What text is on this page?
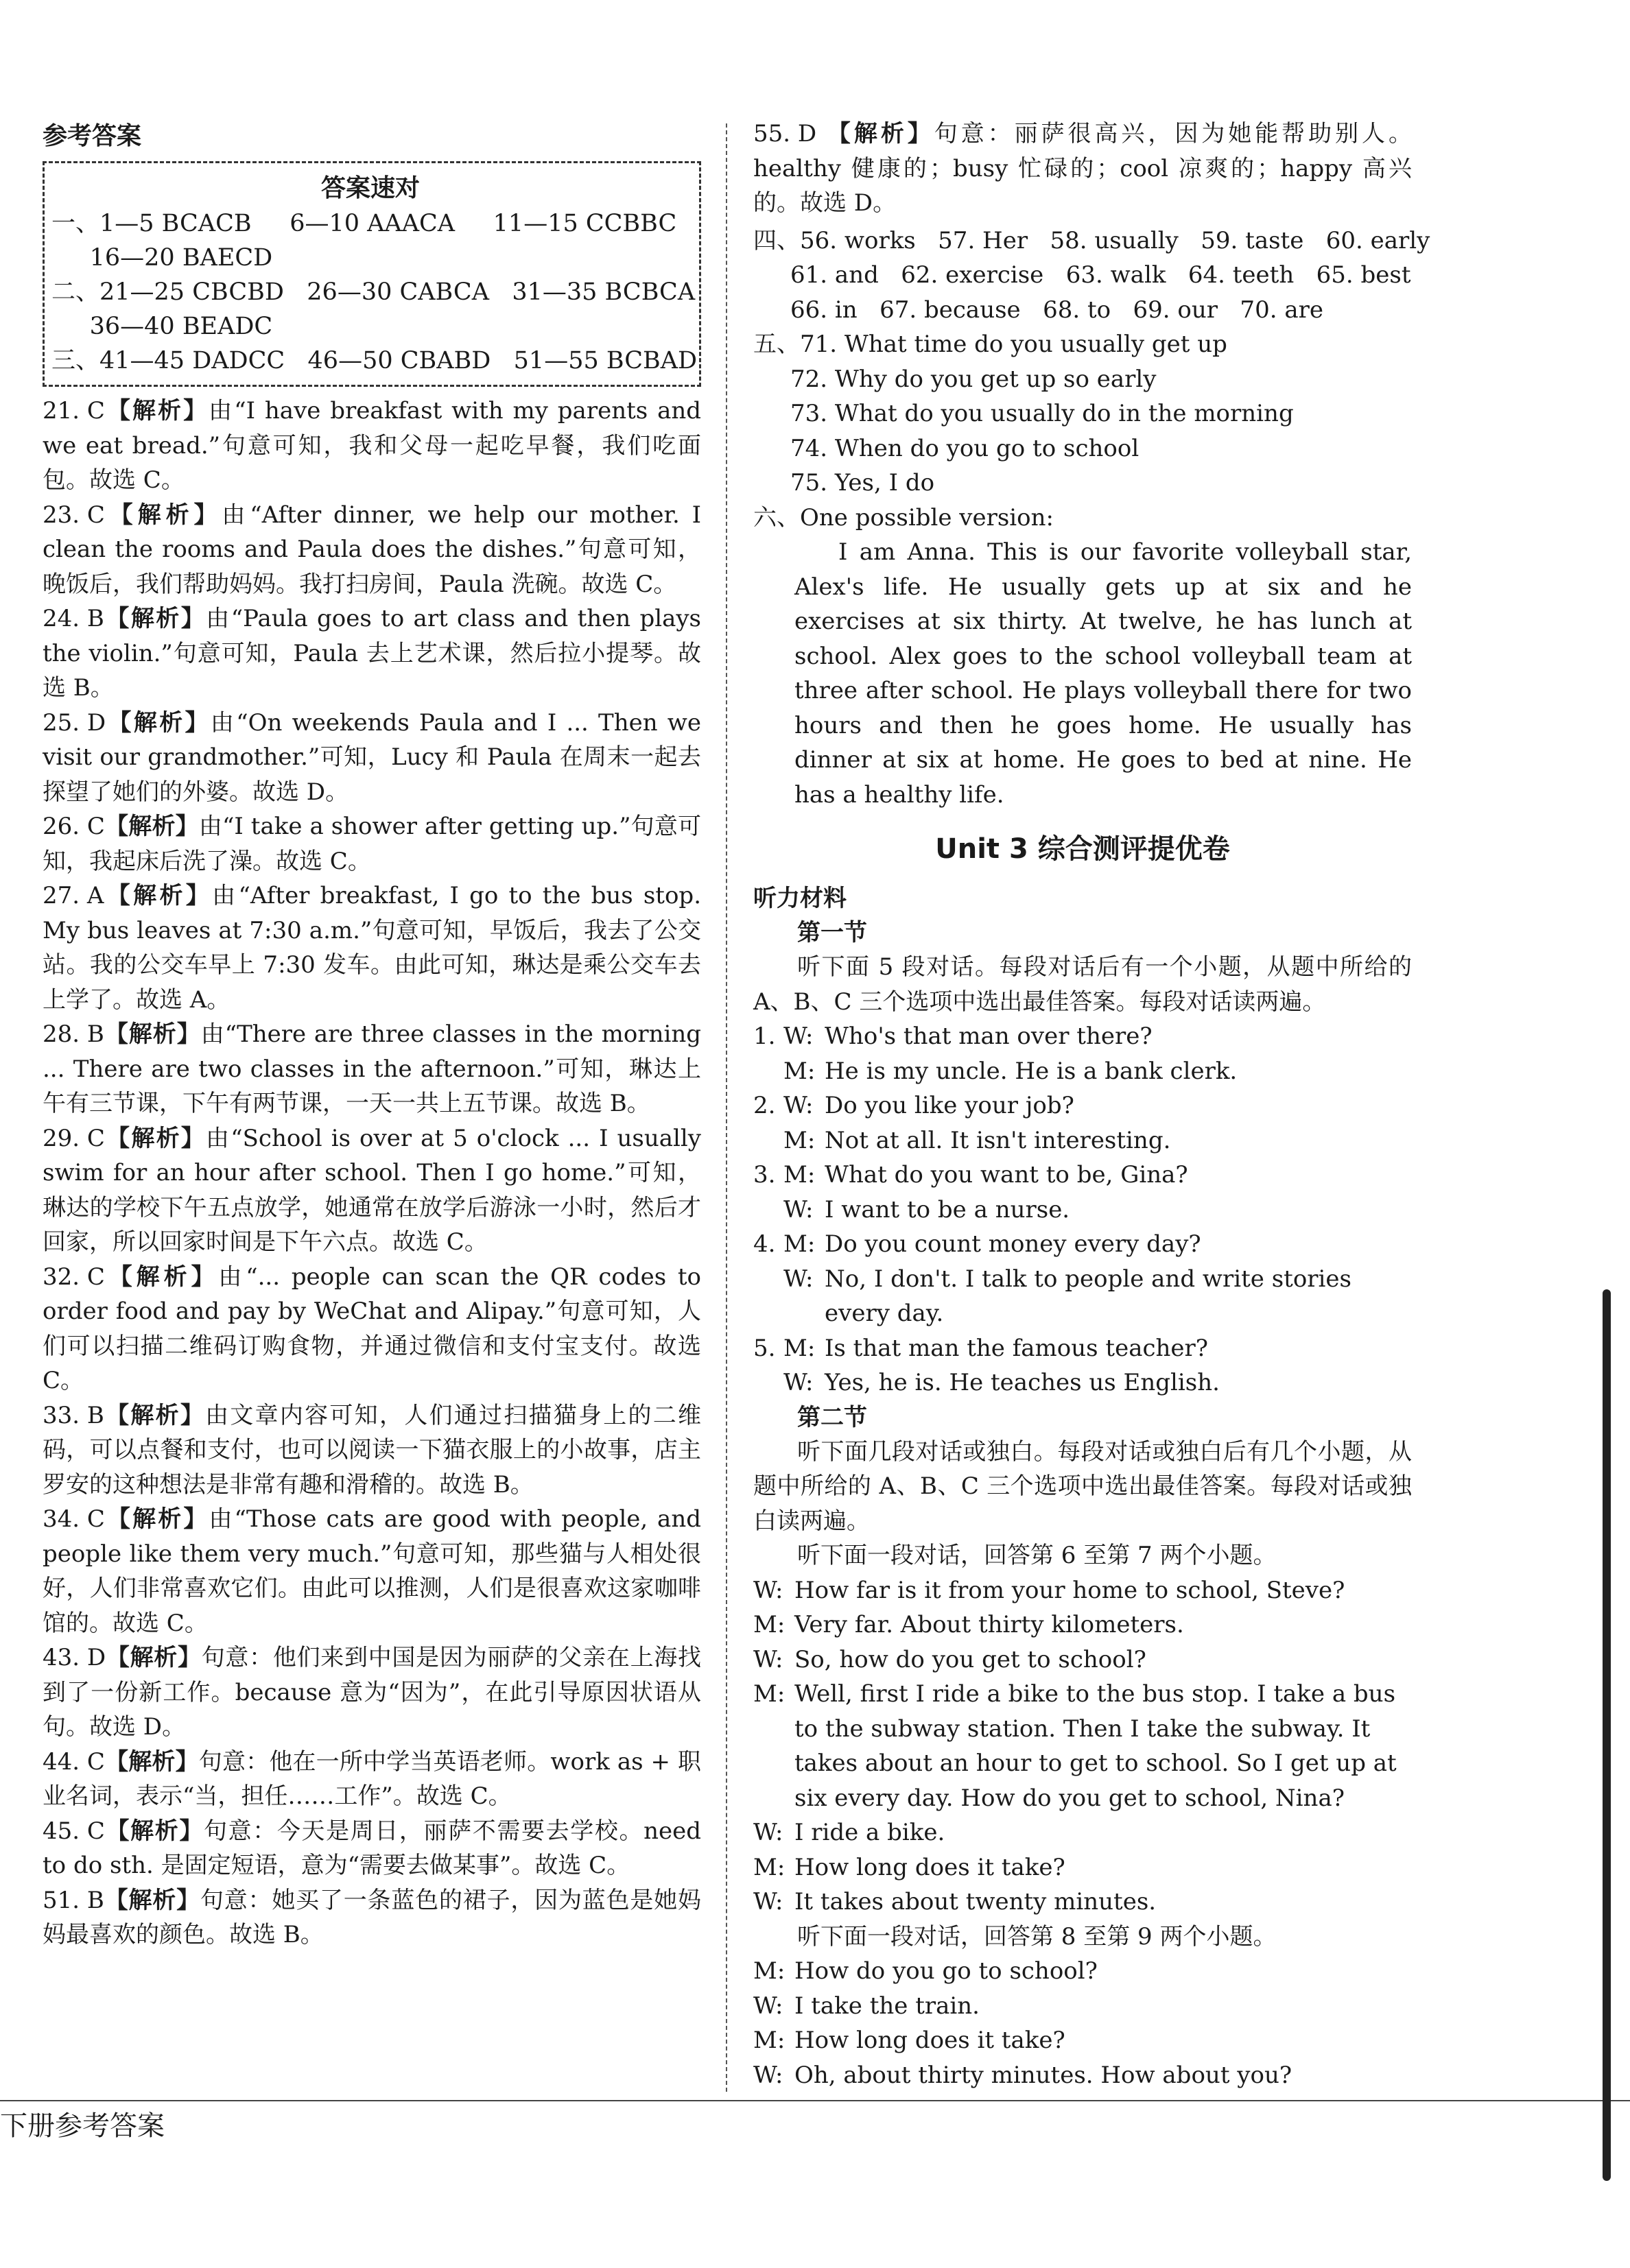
参考答案
答案速对
一、1—5 BCACB     6—10 AAACA     11—15 CCBBC
16—20 BAECD
二、21—25 CBCBD   26—30 CABCA   31—35 BCBCA
36—40 BEADC
三、41—45 DADCC   46—50 CBABD   51—55 BCBAD

21. C【解析】由“I have breakfast with my parents and we eat bread.”句意可知，我和父母一起吃早餐，我们吃面包。故选 C。

23. C【解析】由“After dinner, we help our mother. I clean the rooms and Paula does the dishes.”句意可知，晚饭后，我们帮助妈妈。我打扫房间，Paula 洗碗。故选 C。

24. B【解析】由“Paula goes to art class and then plays the violin.”句意可知，Paula 去上艺术课，然后拉小提琴。故选 B。

25. D【解析】由“On weekends Paula and I ... Then we visit our grandmother.”可知，Lucy 和 Paula 在周末一起去探望了她们的外婆。故选 D。

26. C【解析】由“I take a shower after getting up.”句意可知，我起床后洗了澡。故选 C。

27. A【解析】由“After breakfast, I go to the bus stop. My bus leaves at 7:30 a.m.”句意可知，早饭后，我去了公交站。我的公交车早上 7:30 发车。由此可知，琳达是乘公交车去上学了。故选 A。

28. B【解析】由“There are three classes in the morning ... There are two classes in the afternoon.”可知，琳达上午有三节课，下午有两节课，一天一共上五节课。故选 B。

29. C【解析】由“School is over at 5 o'clock ... I usually swim for an hour after school. Then I go home.”可知，琳达的学校下午五点放学，她通常在放学后游泳一小时，然后才回家，所以回家时间是下午六点。故选 C。

32. C【解析】由“... people can scan the QR codes to order food and pay by WeChat and Alipay.”句意可知，人们可以扫描二维码订购食物，并通过微信和支付宝支付。故选 C。

33. B【解析】由文章内容可知，人们通过扫描猫身上的二维码，可以点餐和支付，也可以阅读一下猫衣服上的小故事，店主罗安的这种想法是非常有趣和滑稽的。故选 B。

34. C【解析】由“Those cats are good with people, and people like them very much.”句意可知，那些猫与人相处很好，人们非常喜欢它们。由此可以推测，人们是很喜欢这家咖啡馆的。故选 C。

43. D【解析】句意：他们来到中国是因为丽萨的父亲在上海找到了一份新工作。because 意为“因为”，在此引导原因状语从句。故选 D。

44. C【解析】句意：他在一所中学当英语老师。work as + 职业名词，表示“当，担任……工作”。故选 C。

45. C【解析】句意：今天是周日，丽萨不需要去学校。need to do sth. 是固定短语，意为“需要去做某事”。故选 C。

51. B【解析】句意：她买了一条蓝色的裙子，因为蓝色是她妈妈最喜欢的颜色。故选 B。

55. D 【解析】句意：丽萨很高兴，因为她能帮助别人。healthy 健康的；busy 忙碌的；cool 凉爽的；happy 高兴的。故选 D。

四、56. works   57. Her   58. usually   59. taste   60. early
61. and   62. exercise   63. walk   64. teeth   65. best
66. in   67. because   68. to   69. our   70. are
五、71. What time do you usually get up
72. Why do you get up so early
73. What do you usually do in the morning
74. When do you go to school
75. Yes, I do

六、One possible version:

I am Anna. This is our favorite volleyball star, Alex's life. He usually gets up at six and he exercises at six thirty. At twelve, he has lunch at school. Alex goes to the school volleyball team at three after school. He plays volleyball there for two hours and then he goes home. He usually has dinner at six at home. He goes to bed at nine. He has a healthy life.

Unit 3 综合测评提优卷
听力材料
第一节

听下面 5 段对话。每段对话后有一个小题，从题中所给的 A、B、C 三个选项中选出最佳答案。每段对话读两遍。

1. W: Who's that man over there?
M: He is my uncle. He is a bank clerk.
2. W: Do you like your job?
M: Not at all. It isn't interesting.
3. M: What do you want to be, Gina?
W: I want to be a nurse.
4. M: Do you count money every day?
W: No, I don't. I talk to people and write stories every day.
5. M: Is that man the famous teacher?
W: Yes, he is. He teaches us English.
第二节

听下面几段对话或独白。每段对话或独白后有几个小题，从题中所给的 A、B、C 三个选项中选出最佳答案。每段对话或独白读两遍。

听下面一段对话，回答第 6 至第 7 两个小题。

W: How far is it from your home to school, Steve?
M: Very far. About thirty kilometers.
W: So, how do you get to school?
M: Well, first I ride a bike to the bus stop. I take a bus to the subway station. Then I take the subway. It takes about an hour to get to school. So I get up at six every day. How do you get to school, Nina?
W: I ride a bike.
M: How long does it take?
W: It takes about twenty minutes.

听下面一段对话，回答第 8 至第 9 两个小题。

M: How do you go to school?
W: I take the train.
M: How long does it take?
W: Oh, about thirty minutes. How about you?
下册参考答案
